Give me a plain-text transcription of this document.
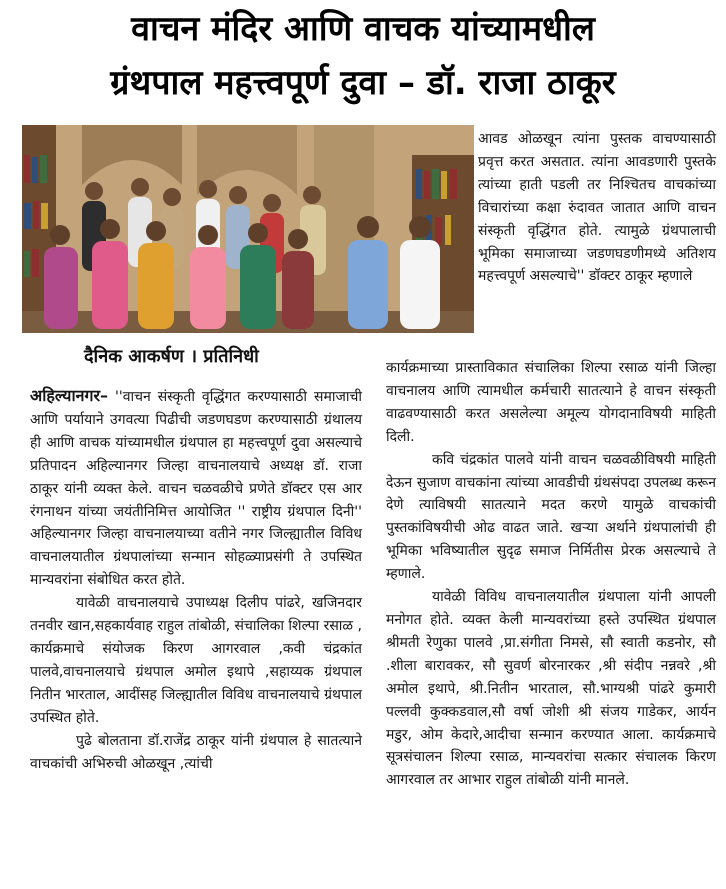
वाचन मंदिर आणि वाचक यांच्यामधील
ग्रंथपाल महत्त्वपूर्ण दुवा – डॉ. राजा ठाकूर
दैनिक आकर्षण । प्रतिनिधी

आवड ओळखून त्यांना पुस्तक वाचण्यासाठी प्रवृत्त करत असतात. त्यांना आवडणारी पुस्तके त्यांच्या हाती पडली तर निश्चितच वाचकांच्या विचारांच्या कक्षा रुंदावत जातात आणि वाचन संस्कृती वृद्धिंगत होते. त्यामुळे ग्रंथपालाची भूमिका समाजाच्या जडणघडणीमध्ये अतिशय महत्त्वपूर्ण असल्याचे'' डॉक्टर ठाकूर म्हणाले

अहिल्यानगर– ''वाचन संस्कृती वृद्धिंगत करण्यासाठी समाजाची आणि पर्यायाने उगवत्या पिढीची जडणघडण करण्यासाठी ग्रंथालय ही आणि वाचक यांच्यामधील ग्रंथपाल हा महत्त्वपूर्ण दुवा असल्याचे प्रतिपादन अहिल्यानगर जिल्हा वाचनालयाचे अध्यक्ष डॉ. राजा ठाकूर यांनी व्यक्त केले. वाचन चळवळीचे प्रणेते डॉक्टर एस आर रंगनाथन यांच्या जयंतीनिमित्त आयोजित '' राष्ट्रीय ग्रंथपाल दिनी'' अहिल्यानगर जिल्हा वाचनालयाच्या वतीने नगर जिल्ह्यातील विविध वाचनालयातील ग्रंथपालांच्या सन्मान सोहळ्याप्रसंगी ते उपस्थित मान्यवरांना संबोधित करत होते.

यावेळी वाचनालयाचे उपाध्यक्ष दिलीप पांढरे, खजिनदार तनवीर खान,सहकार्यवाह राहुल तांबोळी, संचालिका शिल्पा रसाळ , कार्यक्रमाचे संयोजक किरण आगरवाल ,कवी चंद्रकांत पालवे,वाचनालयाचे ग्रंथपाल अमोल इथापे ,सहाय्यक ग्रंथपाल नितीन भारताल, आदींसह जिल्ह्यातील विविध वाचनालयाचे ग्रंथपाल उपस्थित होते.

पुढे बोलताना डॉ.राजेंद्र ठाकूर यांनी ग्रंथपाल हे सातत्याने वाचकांची अभिरुची ओळखून ,त्यांची

कार्यक्रमाच्या प्रास्ताविकात संचालिका शिल्पा रसाळ यांनी जिल्हा वाचनालय आणि त्यामधील कर्मचारी सातत्याने हे वाचन संस्कृती वाढवण्यासाठी करत असलेल्या अमूल्य योगदानाविषयी माहिती दिली.

कवि चंद्रकांत पालवे यांनी वाचन चळवळीविषयी माहिती देऊन सुजाण वाचकांना त्यांच्या आवडीची ग्रंथसंपदा उपलब्ध करून देणे त्याविषयी सातत्याने मदत करणे यामुळे वाचकांची पुस्तकांविषयीची ओढ वाढत जाते. खऱ्या अर्थाने ग्रंथपालांची ही भूमिका भविष्यातील सुदृढ समाज निर्मितीस प्रेरक असल्याचे ते म्हणाले.

यावेळी विविध वाचनालयातील ग्रंथपाला यांनी आपली मनोगत होते. व्यक्त केली मान्यवरांच्या हस्ते उपस्थित ग्रंथपाल श्रीमती रेणुका पालवे ,प्रा.संगीता निमसे, सौ स्वाती कडनोर, सौ .शीला बारावकर, सौ सुवर्ण बोरनारकर ,श्री संदीप नन्नवरे ,श्री अमोल इथापे, श्री.नितीन भारताल, सौ.भाग्यश्री पांढरे कुमारी पल्लवी कुक्कडवाल,सौ वर्षा जोशी श्री संजय गाडेकर, आर्यन मडुर, ओम केदारे,आदीचा सन्मान करण्यात आला. कार्यक्रमाचे सूत्रसंचालन शिल्पा रसाळ, मान्यवरांचा सत्कार संचालक किरण आगरवाल तर आभार राहुल तांबोळी यांनी मानले.
